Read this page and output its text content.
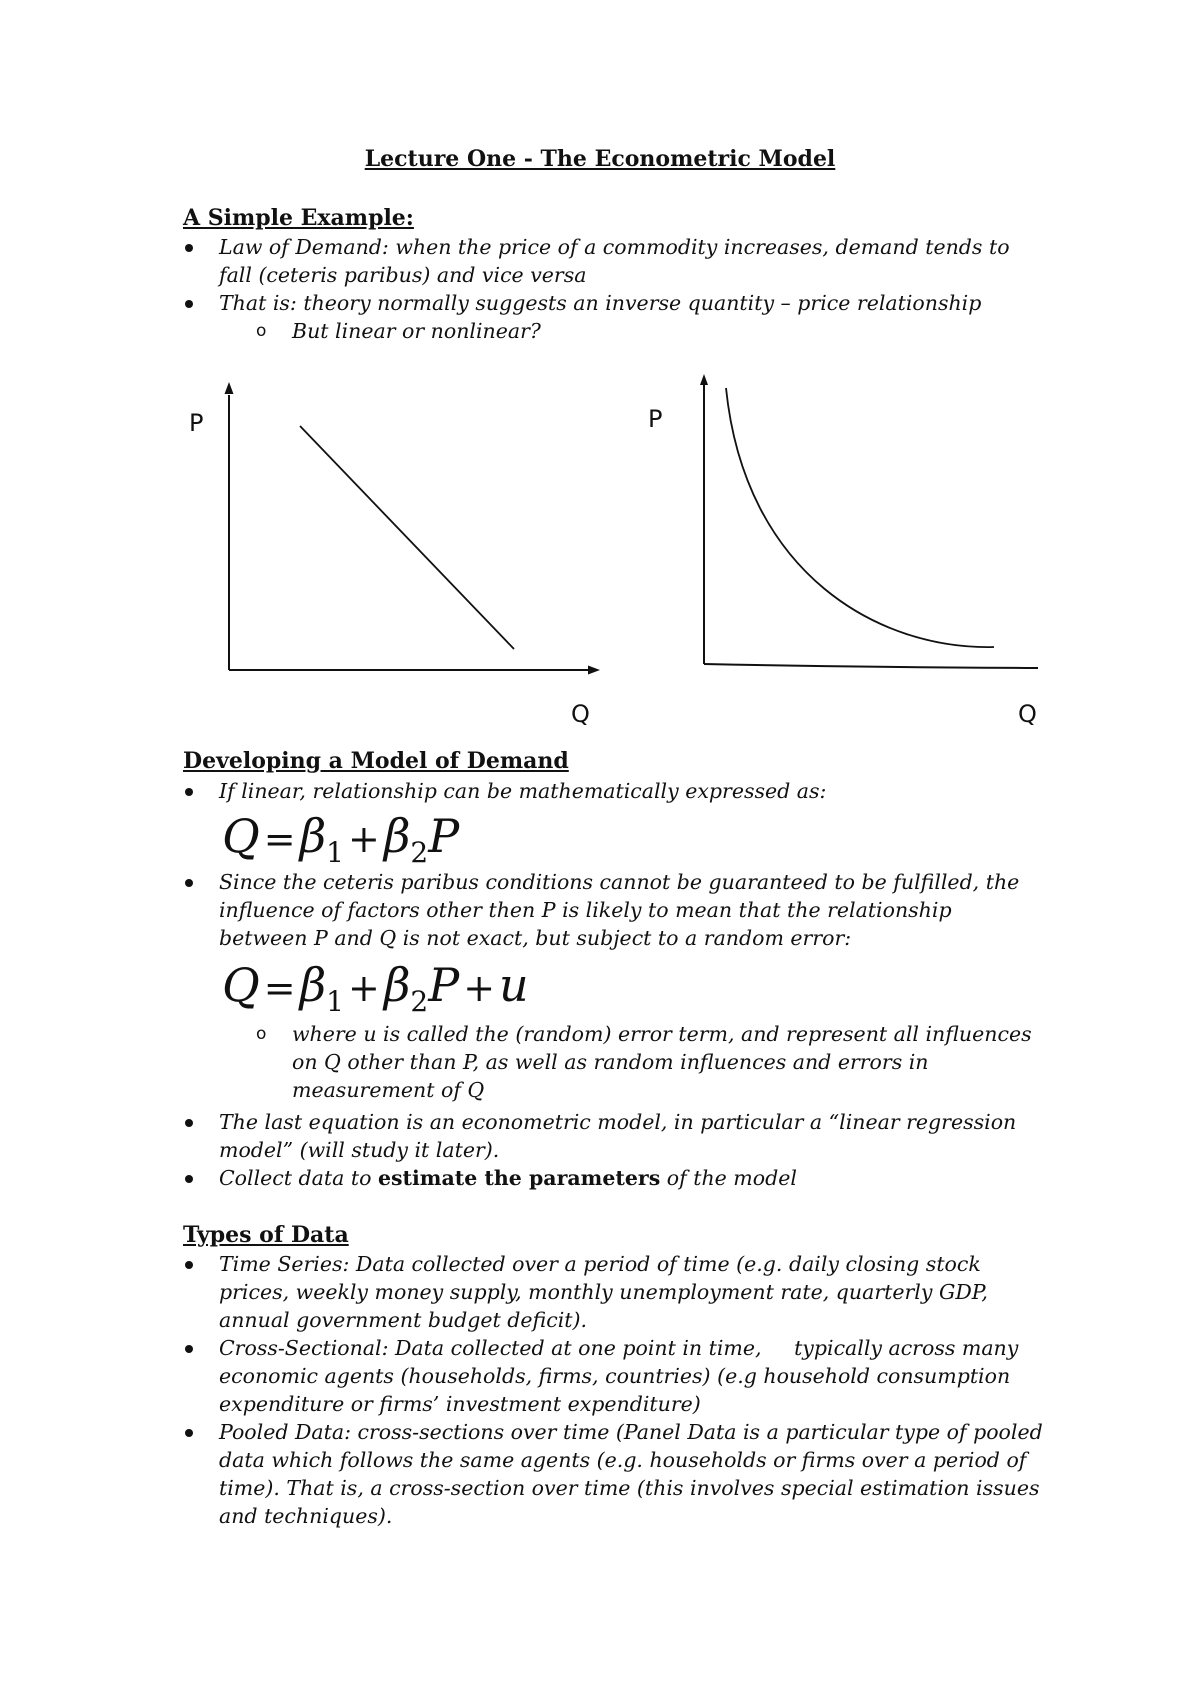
Lecture One - The Econometric Model
A Simple Example:
Law of Demand: when the price of a commodity increases, demand tends to fall (ceteris paribus) and vice versa
That is: theory normally suggests an inverse quantity – price relationship
o But linear or nonlinear?
P
Q
P
Q
Developing a Model of Demand
If linear, relationship can be mathematically expressed as:
$Q =\beta_1 +\beta_2P$
Since the ceteris paribus conditions cannot be guaranteed to be fulfilled, the influence of factors other then P is likely to mean that the relationship between P and Q is not exact, but subject to a random error:
$Q =\beta_1 +\beta_2P +u$
o where u is called the (random) error term, and represent all influences on Q other than P, as well as random influences and errors in measurement of Q
The last equation is an econometric model, in particular a “linear regression model” (will study it later).
Collect data to estimate the parameters of the model
Types of Data
Time Series: Data collected over a period of time (e.g. daily closing stock prices, weekly money supply, monthly unemployment rate, quarterly GDP, annual government budget deficit).
Cross-Sectional: Data collected at one point in time,     typically across many economic agents (households, firms, countries) (e.g household consumption expenditure or firms’ investment expenditure)
Pooled Data: cross-sections over time (Panel Data is a particular type of pooled data which follows the same agents (e.g. households or firms over a period of time). That is, a cross-section over time (this involves special estimation issues and techniques).
